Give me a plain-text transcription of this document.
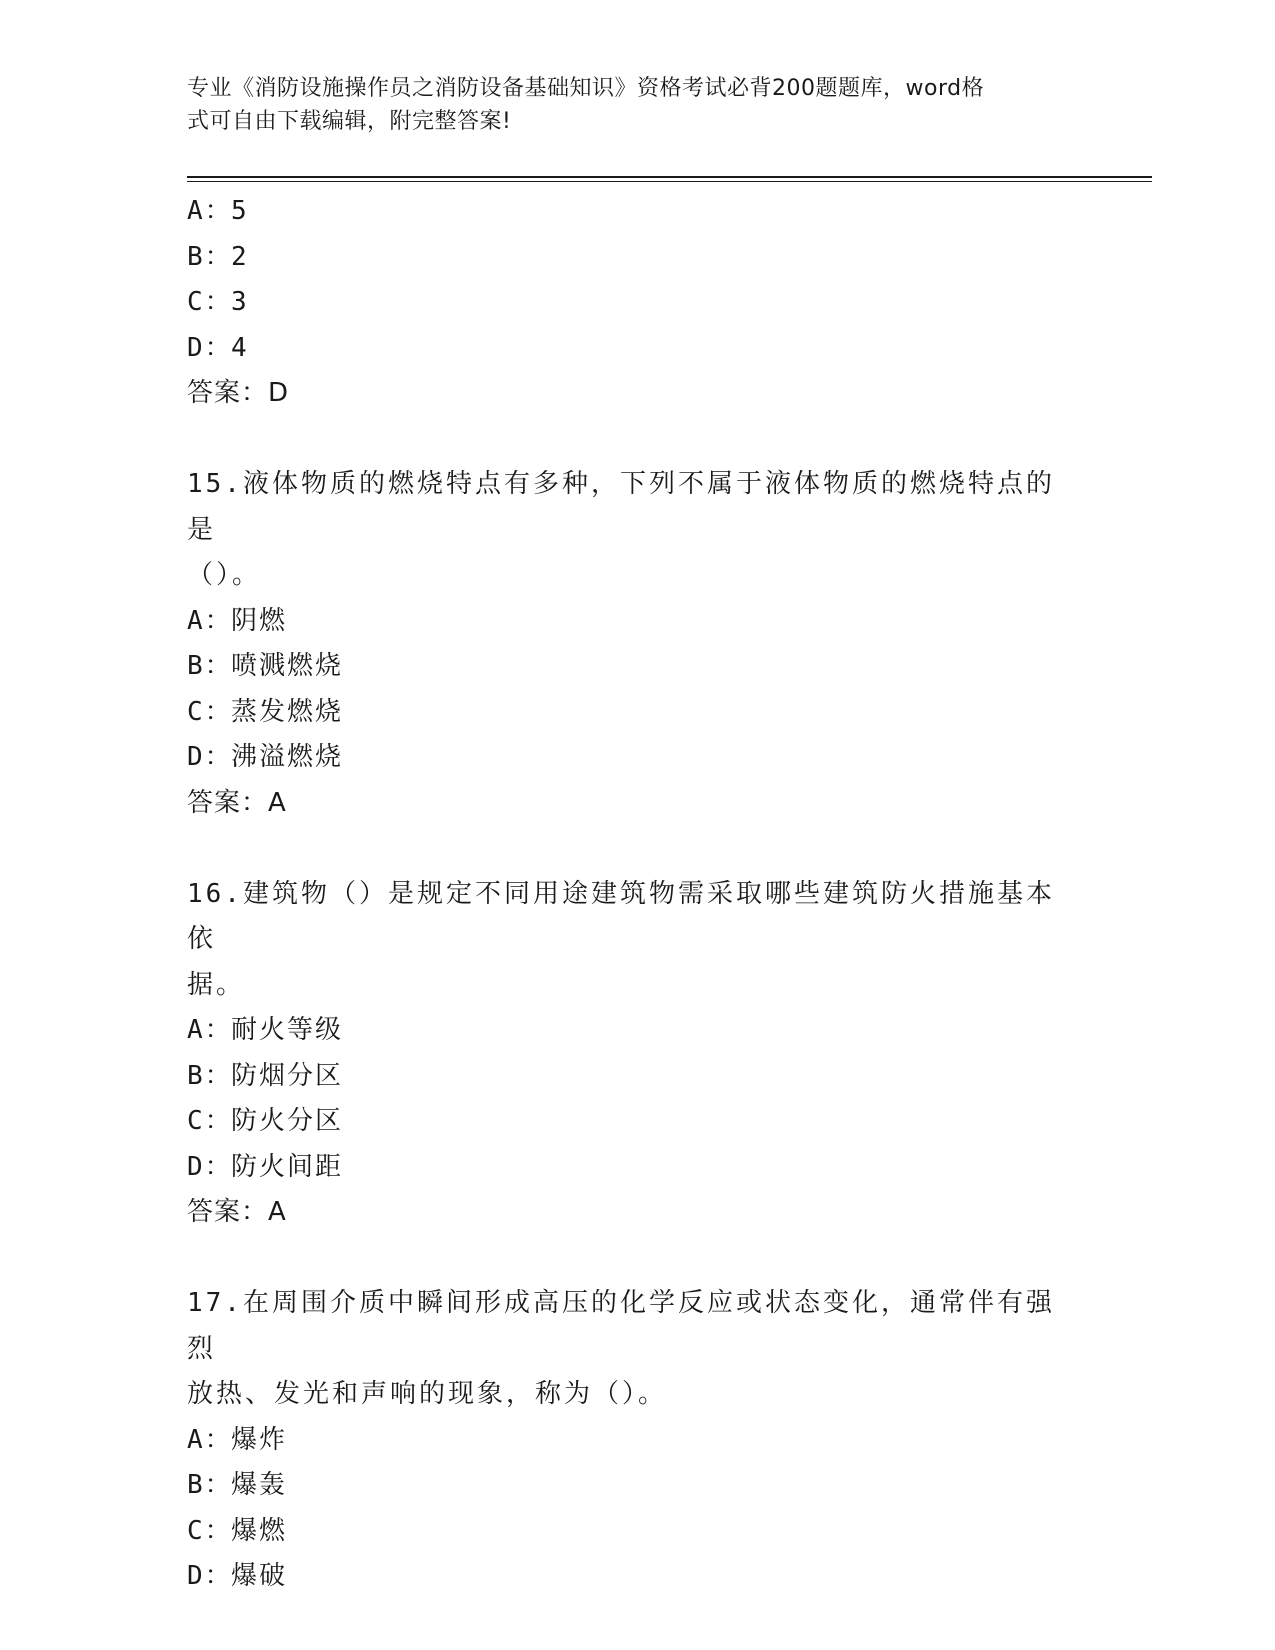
专业《消防设施操作员之消防设备基础知识》资格考试必背200题题库，word格
式可自由下载编辑，附完整答案!
A：5
B：2
C：3
D：4
答案：D
15.液体物质的燃烧特点有多种，下列不属于液体物质的燃烧特点的是
（）。
A：阴燃
B：喷溅燃烧
C：蒸发燃烧
D：沸溢燃烧
答案：A
16.建筑物（）是规定不同用途建筑物需采取哪些建筑防火措施基本依
据。
A：耐火等级
B：防烟分区
C：防火分区
D：防火间距
答案：A
17.在周围介质中瞬间形成高压的化学反应或状态变化，通常伴有强烈
放热、发光和声响的现象，称为（）。
A：爆炸
B：爆轰
C：爆燃
D：爆破
